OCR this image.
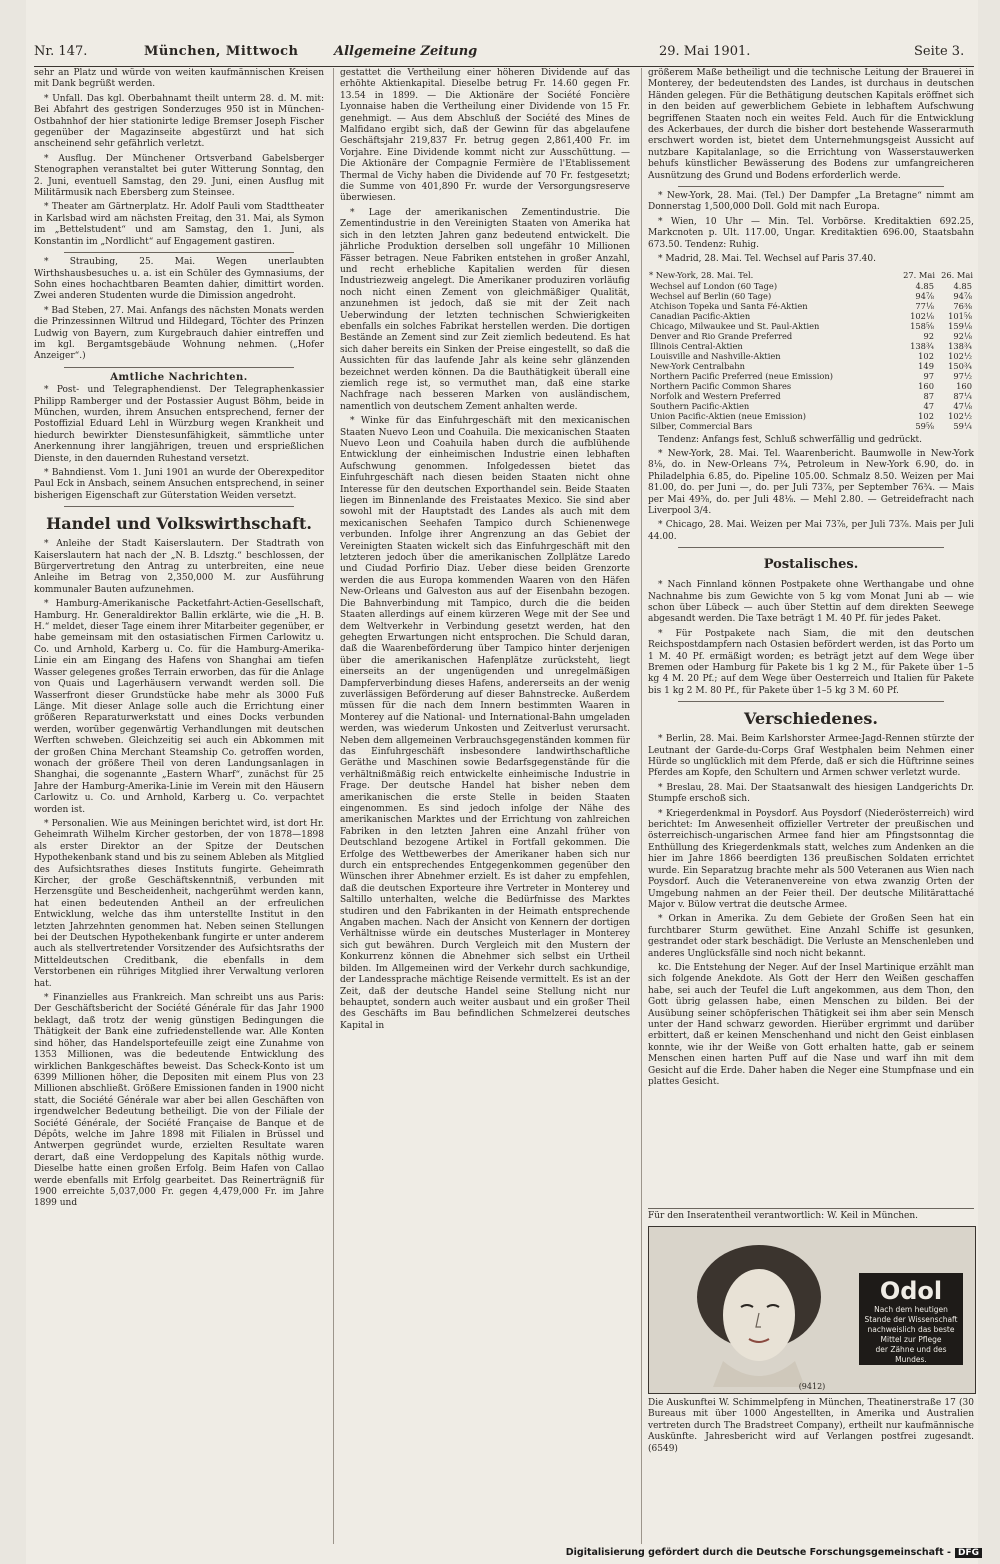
Nr. 147.	München, Mittwoch	Allgemeine Zeitung	29. Mai 1901.	Seite 3.

sehr an Platz und würde von weiten kaufmännischen Kreisen mit Dank begrüßt werden.

* Unfall. Das kgl. Oberbahnamt theilt unterm 28. d. M. mit: Bei Abfahrt des gestrigen Sonderzuges 950 ist in München-Ostbahnhof der hier stationirte ledige Bremser Joseph Fischer gegenüber der Magazinseite abgestürzt und hat sich anscheinend sehr gefährlich verletzt.

* Ausflug. Der Münchener Ortsverband Gabelsberger Stenographen veranstaltet bei guter Witterung Sonntag, den 2. Juni, eventuell Samstag, den 29. Juni, einen Ausflug mit Militärmusik nach Ebersberg zum Steinsee.

* Theater am Gärtnerplatz. Hr. Adolf Pauli vom Stadttheater in Karlsbad wird am nächsten Freitag, den 31. Mai, als Symon im „Bettelstudent“ und am Samstag, den 1. Juni, als Konstantin im „Nordlicht“ auf Engagement gastiren.

* Straubing, 25. Mai. Wegen unerlaubten Wirthshausbesuches u. a. ist ein Schüler des Gymnasiums, der Sohn eines hochachtbaren Beamten dahier, dimittirt worden. Zwei anderen Studenten wurde die Dimission angedroht.

* Bad Steben, 27. Mai. Anfangs des nächsten Monats werden die Prinzessinnen Wiltrud und Hildegard, Töchter des Prinzen Ludwig von Bayern, zum Kurgebrauch dahier eintreffen und im kgl. Bergamtsgebäude Wohnung nehmen. („Hofer Anzeiger“.)

Amtliche Nachrichten.

* Post- und Telegraphendienst. Der Telegraphenkassier Philipp Ramberger und der Postassier August Böhm, beide in München, wurden, ihrem Ansuchen entsprechend, ferner der Postoffizial Eduard Lehl in Würzburg wegen Krankheit und hiedurch bewirkter Dienstesunfähigkeit, sämmtliche unter Anerkennung ihrer langjährigen, treuen und ersprießlichen Dienste, in den dauernden Ruhestand versetzt.

* Bahndienst. Vom 1. Juni 1901 an wurde der Oberexpeditor Paul Eck in Ansbach, seinem Ansuchen entsprechend, in seiner bisherigen Eigenschaft zur Güterstation Weiden versetzt.

Handel und Volkswirthschaft.

* Anleihe der Stadt Kaiserslautern. Der Stadtrath von Kaiserslautern hat nach der „N. B. Ldsztg.“ beschlossen, der Bürgervertretung den Antrag zu unterbreiten, eine neue Anleihe im Betrag von 2,350,000 M. zur Ausführung kommunaler Bauten aufzunehmen.

* Hamburg-Amerikanische Packetfahrt-Actien-Gesellschaft, Hamburg. Hr. Generaldirektor Ballin erklärte, wie die „H. B. H.“ meldet, dieser Tage einem ihrer Mitarbeiter gegenüber, er habe gemeinsam mit den ostasiatischen Firmen Carlowitz u. Co. und Arnhold, Karberg u. Co. für die Hamburg-Amerika-Linie ein am Eingang des Hafens von Shanghai am tiefen Wasser gelegenes großes Terrain erworben, das für die Anlage von Quais und Lagerhäusern verwandt werden soll. Die Wasserfront dieser Grundstücke habe mehr als 3000 Fuß Länge. Mit dieser Anlage solle auch die Errichtung einer größeren Reparaturwerkstatt und eines Docks verbunden werden, worüber gegenwärtig Verhandlungen mit deutschen Werften schweben. Gleichzeitig sei auch ein Abkommen mit der großen China Merchant Steamship Co. getroffen worden, wonach der größere Theil von deren Landungsanlagen in Shanghai, die sogenannte „Eastern Wharf“, zunächst für 25 Jahre der Hamburg-Amerika-Linie im Verein mit den Häusern Carlowitz u. Co. und Arnhold, Karberg u. Co. verpachtet worden ist.

* Personalien. Wie aus Meiningen berichtet wird, ist dort Hr. Geheimrath Wilhelm Kircher gestorben, der von 1878—1898 als erster Direktor an der Spitze der Deutschen Hypothekenbank stand und bis zu seinem Ableben als Mitglied des Aufsichtsrathes dieses Instituts fungirte. Geheimrath Kircher, der große Geschäftskenntniß, verbunden mit Herzensgüte und Bescheidenheit, nachgerühmt werden kann, hat einen bedeutenden Antheil an der erfreulichen Entwicklung, welche das ihm unterstellte Institut in den letzten Jahrzehnten genommen hat. Neben seinen Stellungen bei der Deutschen Hypothekenbank fungirte er unter anderem auch als stellvertretender Vorsitzender des Aufsichtsraths der Mitteldeutschen Creditbank, die ebenfalls in dem Verstorbenen ein rühriges Mitglied ihrer Verwaltung verloren hat.

* Finanzielles aus Frankreich. Man schreibt uns aus Paris: Der Geschäftsbericht der Société Générale für das Jahr 1900 beklagt, daß trotz der wenig günstigen Bedingungen die Thätigkeit der Bank eine zufriedenstellende war. Alle Konten sind höher, das Handelsportefeuille zeigt eine Zunahme von 1353 Millionen, was die bedeutende Entwicklung des wirklichen Bankgeschäftes beweist. Das Scheck-Konto ist um 6399 Millionen höher, die Depositen mit einem Plus von 23 Millionen abschließt. Größere Emissionen fanden in 1900 nicht statt, die Société Générale war aber bei allen Geschäften von irgendwelcher Bedeutung betheiligt. Die von der Filiale der Société Générale, der Société Française de Banque et de Dépôts, welche im Jahre 1898 mit Filialen in Brüssel und Antwerpen gegründet wurde, erzielten Resultate waren derart, daß eine Verdoppelung des Kapitals nöthig wurde. Dieselbe hatte einen großen Erfolg. Beim Hafen von Callao werde ebenfalls mit Erfolg gearbeitet. Das Reinerträgniß für 1900 erreichte 5,037,000 Fr. gegen 4,479,000 Fr. im Jahre 1899 und

gestattet die Vertheilung einer höheren Dividende auf das erhöhte Aktienkapital. Dieselbe betrug Fr. 14.60 gegen Fr. 13.54 in 1899. — Die Aktionäre der Société Foncière Lyonnaise haben die Vertheilung einer Dividende von 15 Fr. genehmigt. — Aus dem Abschluß der Société des Mines de Malfidano ergibt sich, daß der Gewinn für das abgelaufene Geschäftsjahr 219,837 Fr. betrug gegen 2,861,400 Fr. im Vorjahre. Eine Dividende kommt nicht zur Ausschüttung. — Die Aktionäre der Compagnie Fermière de l'Etablissement Thermal de Vichy haben die Dividende auf 70 Fr. festgesetzt; die Summe von 401,890 Fr. wurde der Versorgungsreserve überwiesen.

* Lage der amerikanischen Zementindustrie. Die Zementindustrie in den Vereinigten Staaten von Amerika hat sich in den letzten Jahren ganz bedeutend entwickelt. Die jährliche Produktion derselben soll ungefähr 10 Millionen Fässer betragen. Neue Fabriken entstehen in großer Anzahl, und recht erhebliche Kapitalien werden für diesen Industriezweig angelegt. Die Amerikaner produziren vorläufig noch nicht einen Zement von gleichmäßiger Qualität, anzunehmen ist jedoch, daß sie mit der Zeit nach Ueberwindung der letzten technischen Schwierigkeiten ebenfalls ein solches Fabrikat herstellen werden. Die dortigen Bestände an Zement sind zur Zeit ziemlich bedeutend. Es hat sich daher bereits ein Sinken der Preise eingestellt, so daß die Aussichten für das laufende Jahr als keine sehr glänzenden bezeichnet werden können. Da die Bauthätigkeit überall eine ziemlich rege ist, so vermuthet man, daß eine starke Nachfrage nach besseren Marken von ausländischem, namentlich von deutschem Zement anhalten werde.

* Winke für das Einfuhrgeschäft mit den mexicanischen Staaten Nuevo Leon und Coahuila. Die mexicanischen Staaten Nuevo Leon und Coahuila haben durch die aufblühende Entwicklung der einheimischen Industrie einen lebhaften Aufschwung genommen. Infolgedessen bietet das Einfuhrgeschäft nach diesen beiden Staaten nicht ohne Interesse für den deutschen Exporthandel sein. Beide Staaten liegen im Binnenlande des Freistaates Mexico. Sie sind aber sowohl mit der Hauptstadt des Landes als auch mit dem mexicanischen Seehafen Tampico durch Schienenwege verbunden. Infolge ihrer Angrenzung an das Gebiet der Vereinigten Staaten wickelt sich das Einfuhrgeschäft mit den letzteren jedoch über die amerikanischen Zollplätze Laredo und Ciudad Porfirio Diaz. Ueber diese beiden Grenzorte werden die aus Europa kommenden Waaren von den Häfen New-Orleans und Galveston aus auf der Eisenbahn bezogen. Die Bahnverbindung mit Tampico, durch die die beiden Staaten allerdings auf einem kürzeren Wege mit der See und dem Weltverkehr in Verbindung gesetzt werden, hat den gehegten Erwartungen nicht entsprochen. Die Schuld daran, daß die Waarenbeförderung über Tampico hinter derjenigen über die amerikanischen Hafenplätze zurücksteht, liegt einerseits an der ungenügenden und unregelmäßigen Dampferverbindung dieses Hafens, andererseits an der wenig zuverlässigen Beförderung auf dieser Bahnstrecke. Außerdem müssen für die nach dem Innern bestimmten Waaren in Monterey auf die National- und International-Bahn umgeladen werden, was wiederum Unkosten und Zeitverlust verursacht. Neben dem allgemeinen Verbrauchsgegenständen kommen für das Einfuhrgeschäft insbesondere landwirthschaftliche Geräthe und Maschinen sowie Bedarfsgegenstände für die verhältnißmäßig reich entwickelte einheimische Industrie in Frage. Der deutsche Handel hat bisher neben dem amerikanischen die erste Stelle in beiden Staaten eingenommen. Es sind jedoch infolge der Nähe des amerikanischen Marktes und der Errichtung von zahlreichen Fabriken in den letzten Jahren eine Anzahl früher von Deutschland bezogene Artikel in Fortfall gekommen. Die Erfolge des Wettbewerbes der Amerikaner haben sich nur durch ein entsprechendes Entgegenkommen gegenüber den Wünschen ihrer Abnehmer erzielt. Es ist daher zu empfehlen, daß die deutschen Exporteure ihre Vertreter in Monterey und Saltillo unterhalten, welche die Bedürfnisse des Marktes studiren und den Fabrikanten in der Heimath entsprechende Angaben machen. Nach der Ansicht von Kennern der dortigen Verhältnisse würde ein deutsches Musterlager in Monterey sich gut bewähren. Durch Vergleich mit den Mustern der Konkurrenz können die Abnehmer sich selbst ein Urtheil bilden. Im Allgemeinen wird der Verkehr durch sachkundige, der Landessprache mächtige Reisende vermittelt. Es ist an der Zeit, daß der deutsche Handel seine Stellung nicht nur behauptet, sondern auch weiter ausbaut und ein großer Theil des Geschäfts im Bau befindlichen Schmelzerei deutsches Kapital in

größerem Maße betheiligt und die technische Leitung der Brauerei in Monterey, der bedeutendsten des Landes, ist durchaus in deutschen Händen gelegen. Für die Bethätigung deutschen Kapitals eröffnet sich in den beiden auf gewerblichem Gebiete in lebhaftem Aufschwung begriffenen Staaten noch ein weites Feld. Auch für die Entwicklung des Ackerbaues, der durch die bisher dort bestehende Wasserarmuth erschwert worden ist, bietet dem Unternehmungsgeist Aussicht auf nutzbare Kapitalanlage, so die Errichtung von Wasserstauwerken behufs künstlicher Bewässerung des Bodens zur umfangreicheren Ausnützung des Grund und Bodens erforderlich werde.

* New-York, 28. Mai. (Tel.) Der Dampfer „La Bretagne“ nimmt am Donnerstag 1,500,000 Doll. Gold mit nach Europa.

* Wien, 10 Uhr — Min. Tel. Vorbörse. Kreditaktien 692.25, Markcnoten p. Ult. 117.00, Ungar. Kreditaktien 696.00, Staatsbahn 673.50. Tendenz: Ruhig.

* Madrid, 28. Mai. Tel. Wechsel auf Paris 37.40.

* New-York, 28. Mai. Tel.	27. Mai	26. Mai
Wechsel auf London (60 Tage)	4.85	4.85
Wechsel auf Berlin (60 Tage)	94⅞	94⅞
Atchison Topeka und Santa Fé-Aktien	77⅛	76⅜
Canadian Pacific-Aktien	102⅛	101⅝
Chicago, Milwaukee und St. Paul-Aktien	158⅝	159⅛
Denver and Rio Grande Preferred	92	92⅛
Illinois Central-Aktien	138¾	138¾
Louisville and Nashville-Aktien	102	102½
New-York Centralbahn	149	150¾
Northern Pacific Preferred (neue Emission)	97	97½
Northern Pacific Common Shares	160	160
Norfolk and Western Preferred	87	87¼
Southern Pacific-Aktien	47	47⅛
Union Pacific-Aktien (neue Emission)	102	102½
Silber, Commercial Bars	59⅝	59¼

Tendenz: Anfangs fest, Schluß schwerfällig und gedrückt.

* New-York, 28. Mai. Tel. Waarenbericht. Baumwolle in New-York 8⅛, do. in New-Orleans 7¾, Petroleum in New-York 6.90, do. in Philadelphia 6.85, do. Pipeline 105.00. Schmalz 8.50. Weizen per Mai 81.00, do. per Juni —, do. per Juli 73⅞, per September 76¾. — Mais per Mai 49⅝, do. per Juli 48⅛. — Mehl 2.80. — Getreidefracht nach Liverpool 3/4.

* Chicago, 28. Mai. Weizen per Mai 73⅞, per Juli 73⅞. Mais per Juli 44.00.

Postalisches.

* Nach Finnland können Postpakete ohne Werthangabe und ohne Nachnahme bis zum Gewichte von 5 kg vom Monat Juni ab — wie schon über Lübeck — auch über Stettin auf dem direkten Seewege abgesandt werden. Die Taxe beträgt 1 M. 40 Pf. für jedes Paket.

* Für Postpakete nach Siam, die mit den deutschen Reichspostdampfern nach Ostasien befördert werden, ist das Porto um 1 M. 40 Pf. ermäßigt worden; es beträgt jetzt auf dem Wege über Bremen oder Hamburg für Pakete bis 1 kg 2 M., für Pakete über 1–5 kg 4 M. 20 Pf.; auf dem Wege über Oesterreich und Italien für Pakete bis 1 kg 2 M. 80 Pf., für Pakete über 1–5 kg 3 M. 60 Pf.

Verschiedenes.

* Berlin, 28. Mai. Beim Karlshorster Armee-Jagd-Rennen stürzte der Leutnant der Garde-du-Corps Graf Westphalen beim Nehmen einer Hürde so unglücklich mit dem Pferde, daß er sich die Hüftrinne seines Pferdes am Kopfe, den Schultern und Armen schwer verletzt wurde.

* Breslau, 28. Mai. Der Staatsanwalt des hiesigen Landgerichts Dr. Stumpfe erschoß sich.

* Kriegerdenkmal in Poysdorf. Aus Poysdorf (Niederösterreich) wird berichtet: Im Anwesenheit offizieller Vertreter der preußischen und österreichisch-ungarischen Armee fand hier am Pfingstsonntag die Enthüllung des Kriegerdenkmals statt, welches zum Andenken an die hier im Jahre 1866 beerdigten 136 preußischen Soldaten errichtet wurde. Ein Separatzug brachte mehr als 500 Veteranen aus Wien nach Poysdorf. Auch die Veteranenvereine von etwa zwanzig Orten der Umgebung nahmen an der Feier theil. Der deutsche Militärattaché Major v. Bülow vertrat die deutsche Armee.

* Orkan in Amerika. Zu dem Gebiete der Großen Seen hat ein furchtbarer Sturm gewüthet. Eine Anzahl Schiffe ist gesunken, gestrandet oder stark beschädigt. Die Verluste an Menschenleben und anderes Unglücksfälle sind noch nicht bekannt.

kc. Die Entstehung der Neger. Auf der Insel Martinique erzählt man sich folgende Anekdote. Als Gott der Herr den Weißen geschaffen habe, sei auch der Teufel die Luft angekommen, aus dem Thon, den Gott übrig gelassen habe, einen Menschen zu bilden. Bei der Ausübung seiner schöpferischen Thätigkeit sei ihm aber sein Mensch unter der Hand schwarz geworden. Hierüber ergrimmt und darüber erbittert, daß er keinen Menschenhand und nicht den Geist einblasen konnte, wie ihr der Weiße von Gott erhalten hatte, gab er seinem Menschen einen harten Puff auf die Nase und warf ihn mit dem Gesicht auf die Erde. Daher haben die Neger eine Stumpfnase und ein plattes Gesicht.

Für den Inseratentheil verantwortlich: W. Keil in München.
Odol
Nach dem heutigen
Stande der Wissenschaft
nachweislich das beste
Mittel zur Pflege
der Zähne und des Mundes.
(9412)
Die Auskunftei W. Schimmelpfeng in München, Theatinerstraße 17 (30 Bureaus mit über 1000 Angestellten, in Amerika und Australien vertreten durch The Bradstreet Company), ertheilt nur kaufmännische Auskünfte. Jahresbericht wird auf Verlangen postfrei zugesandt. (6549)
Digitalisierung gefördert durch die Deutsche Forschungsgemeinschaft - DFG
